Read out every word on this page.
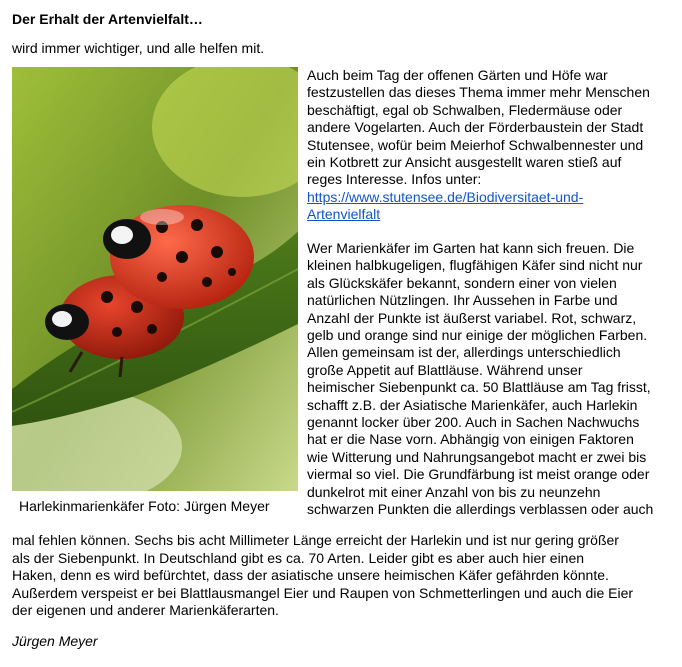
Der Erhalt der Artenvielfalt…
wird immer wichtiger, und alle helfen mit.
Harlekinmarienkäfer Foto: Jürgen Meyer
Auch beim Tag der offenen Gärten und Höfe war
festzustellen das dieses Thema immer mehr Menschen
beschäftigt, egal ob Schwalben, Fledermäuse oder
andere Vogelarten. Auch der Förderbaustein der Stadt
Stutensee, wofür beim Meierhof Schwalbennester und
ein Kotbrett zur Ansicht ausgestellt waren stieß auf
reges Interesse. Infos unter:
https://www.stutensee.de/Biodiversitaet-und-
Artenvielfalt
Wer Marienkäfer im Garten hat kann sich freuen. Die
kleinen halbkugeligen, flugfähigen Käfer sind nicht nur
als Glückskäfer bekannt, sondern einer von vielen
natürlichen Nützlingen. Ihr Aussehen in Farbe und
Anzahl der Punkte ist äußerst variabel. Rot, schwarz,
gelb und orange sind nur einige der möglichen Farben.
Allen gemeinsam ist der, allerdings unterschiedlich
große Appetit auf Blattläuse. Während unser
heimischer Siebenpunkt ca. 50 Blattläuse am Tag frisst,
schafft z.B. der Asiatische Marienkäfer, auch Harlekin
genannt locker über 200. Auch in Sachen Nachwuchs
hat er die Nase vorn. Abhängig von einigen Faktoren
wie Witterung und Nahrungsangebot macht er zwei bis
viermal so viel. Die Grundfärbung ist meist orange oder
dunkelrot mit einer Anzahl von bis zu neunzehn
schwarzen Punkten die allerdings verblassen oder auch
mal fehlen können. Sechs bis acht Millimeter Länge erreicht der Harlekin und ist nur gering größer
als der Siebenpunkt. In Deutschland gibt es ca. 70 Arten. Leider gibt es aber auch hier einen
Haken, denn es wird befürchtet, dass der asiatische unsere heimischen Käfer gefährden könnte.
Außerdem verspeist er bei Blattlausmangel Eier und Raupen von Schmetterlingen und auch die Eier
der eigenen und anderer Marienkäferarten.
Jürgen Meyer
